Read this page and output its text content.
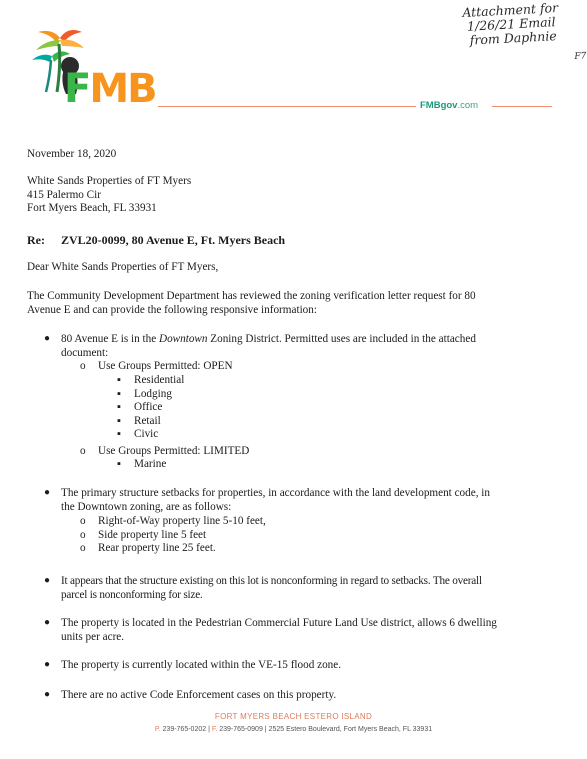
Attachment for
1/26/21 Email
from Daphnie
F7
FMB	FMBgov.com
November 18, 2020
White Sands Properties of FT Myers
415 Palermo Cir
Fort Myers Beach, FL 33931
Re: ZVL20-0099, 80 Avenue E, Ft. Myers Beach
Dear White Sands Properties of FT Myers,
The Community Development Department has reviewed the zoning verification letter request for 80
Avenue E and can provide the following responsive information:
● 80 Avenue E is in the Downtown Zoning District. Permitted uses are included in the attached
document:
o Use Groups Permitted: OPEN
▪ Residential
▪ Lodging
▪ Office
▪ Retail
▪ Civic
o Use Groups Permitted: LIMITED
▪ Marine
● The primary structure setbacks for properties, in accordance with the land development code, in
the Downtown zoning, are as follows:
o Right-of-Way property line 5-10 feet,
o Side property line 5 feet
o Rear property line 25 feet.
● It appears that the structure existing on this lot is nonconforming in regard to setbacks. The overall
parcel is nonconforming for size.
● The property is located in the Pedestrian Commercial Future Land Use district, allows 6 dwelling
units per acre.
● The property is currently located within the VE-15 flood zone.
● There are no active Code Enforcement cases on this property.
FORT MYERS BEACH ESTERO ISLAND
P. 239-765-0202 | F. 239-765-0909 | 2525 Estero Boulevard, Fort Myers Beach, FL 33931
